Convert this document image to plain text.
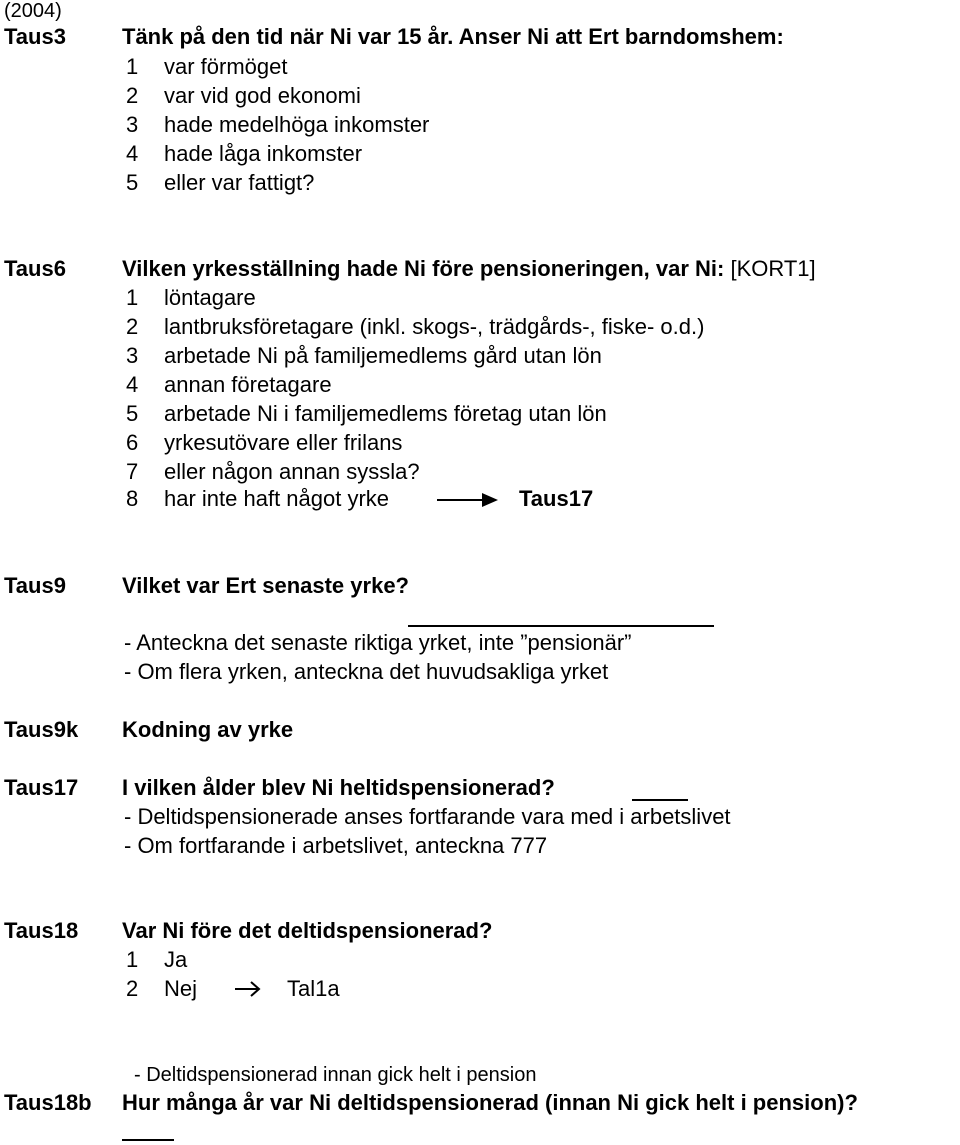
(2004)
Taus3	Tänk på den tid när Ni var 15 år. Anser Ni att Ert barndomshem:
1 var förmöget
2 var vid god ekonomi
3 hade medelhöga inkomster
4 hade låga inkomster
5 eller var fattigt?
Taus6	Vilken yrkesställning hade Ni före pensioneringen, var Ni: [KORT1]
1 löntagare
2 lantbruksföretagare (inkl. skogs-, trädgårds-, fiske- o.d.)
3 arbetade Ni på familjemedlems gård utan lön
4 annan företagare
5 arbetade Ni i familjemedlems företag utan lön
6 yrkesutövare eller frilans
7 eller någon annan syssla?
8 har inte haft något yrke	Taus17
Taus9	Vilket var Ert senaste yrke?
- Anteckna det senaste riktiga yrket, inte ”pensionär”
- Om flera yrken, anteckna det huvudsakliga yrket
Taus9k Kodning av yrke
Taus17 I vilken ålder blev Ni heltidspensionerad?
- Deltidspensionerade anses fortfarande vara med i arbetslivet
- Om fortfarande i arbetslivet, anteckna 777
Taus18 Var Ni före det deltidspensionerad?
1 Ja
2 Nej	Tal1a
- Deltidspensionerad innan gick helt i pension
Taus18b Hur många år var Ni deltidspensionerad (innan Ni gick helt i pension)?
